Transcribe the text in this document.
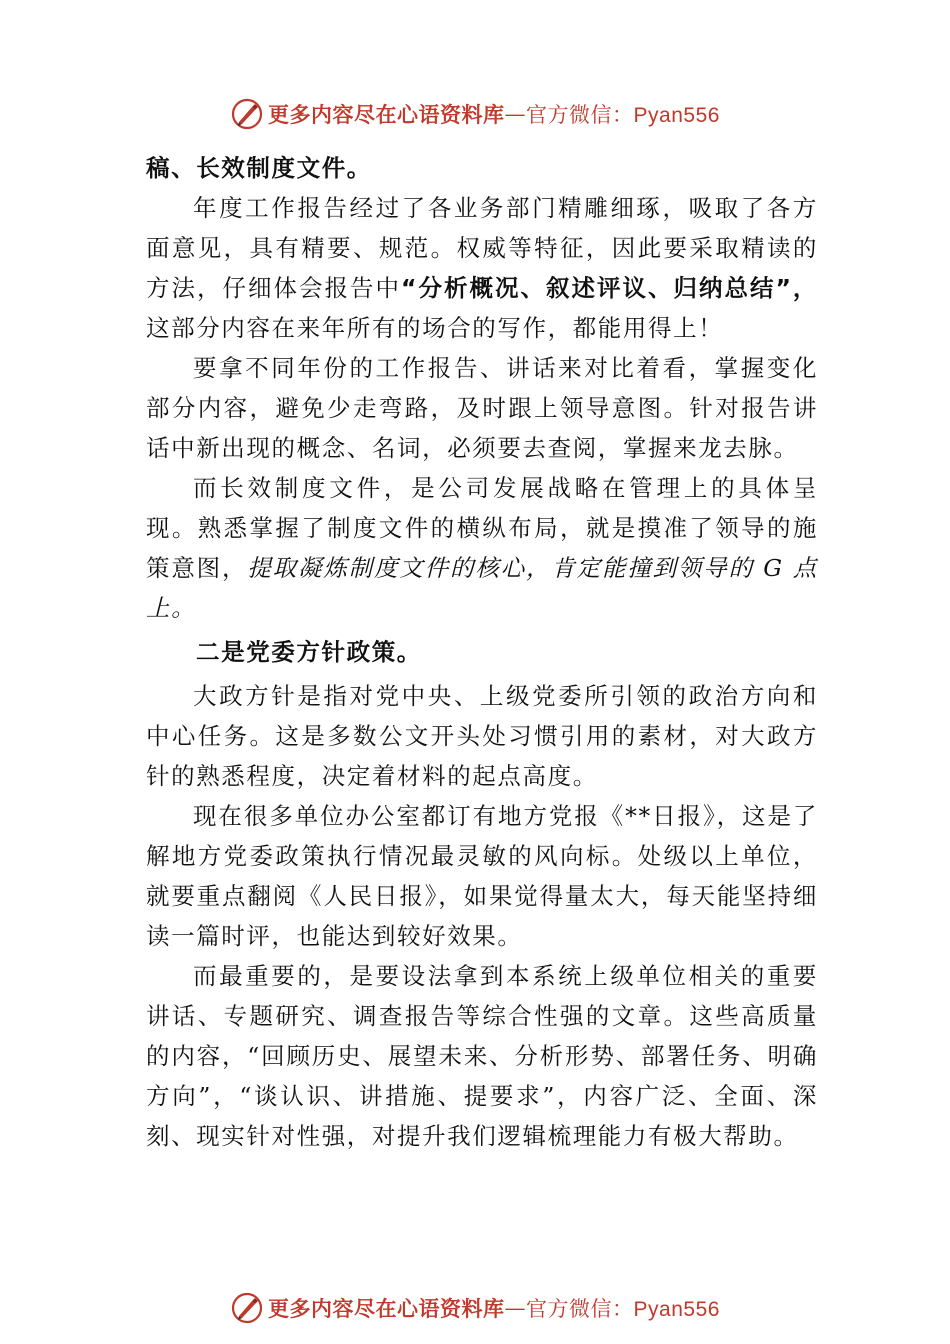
更多内容尽在心语资料库 — 官方微信：Pyan556

稿、长效制度文件。

年度工作报告经过了各业务部门精雕细琢，吸取了各方面意见，具有精要、规范。权威等特征，因此要采取精读的方法，仔细体会报告中“分析概况、叙述评议、归纳总结”，这部分内容在来年所有的场合的写作，都能用得上！

要拿不同年份的工作报告、讲话来对比着看，掌握变化部分内容，避免少走弯路，及时跟上领导意图。针对报告讲话中新出现的概念、名词，必须要去查阅，掌握来龙去脉。

而长效制度文件，是公司发展战略在管理上的具体呈现。熟悉掌握了制度文件的横纵布局，就是摸准了领导的施策意图，提取凝炼制度文件的核心，肯定能撞到领导的 G 点上。

二是党委方针政策。

大政方针是指对党中央、上级党委所引领的政治方向和中心任务。这是多数公文开头处习惯引用的素材，对大政方针的熟悉程度，决定着材料的起点高度。

现在很多单位办公室都订有地方党报《**日报》，这是了解地方党委政策执行情况最灵敏的风向标。处级以上单位，就要重点翻阅《人民日报》，如果觉得量太大，每天能坚持细读一篇时评，也能达到较好效果。

而最重要的，是要设法拿到本系统上级单位相关的重要讲话、专题研究、调查报告等综合性强的文章。这些高质量的内容，“回顾历史、展望未来、分析形势、部署任务、明确方向”，“谈认识、讲措施、提要求”，内容广泛、全面、深刻、现实针对性强，对提升我们逻辑梳理能力有极大帮助。

更多内容尽在心语资料库 — 官方微信：Pyan556
